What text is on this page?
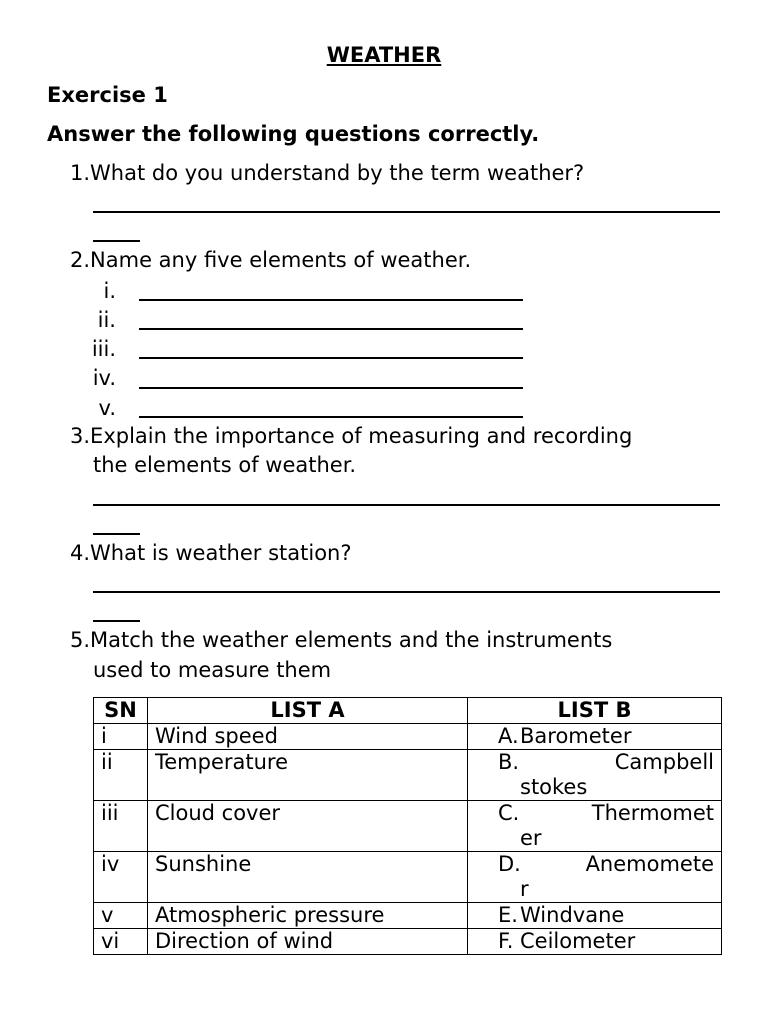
WEATHER
Exercise 1
Answer the following questions correctly.
1.What do you understand by the term weather?
2.Name any five elements of weather.
i.
ii.
iii.
iv.
v.
3.Explain the importance of measuring and recording
the elements of weather.
4.What is weather station?
5.Match the weather elements and the instruments
used to measure them
SN	LIST A	LIST B
i	Wind speed	A.Barometer
ii	Temperature	B. Campbell
stokes

iii	Cloud cover	C. Thermomet
er

iv	Sunshine	D. Anemomete
r

v	Atmospheric pressure	E.Windvane
vi	Direction of wind	F. Ceilometer
